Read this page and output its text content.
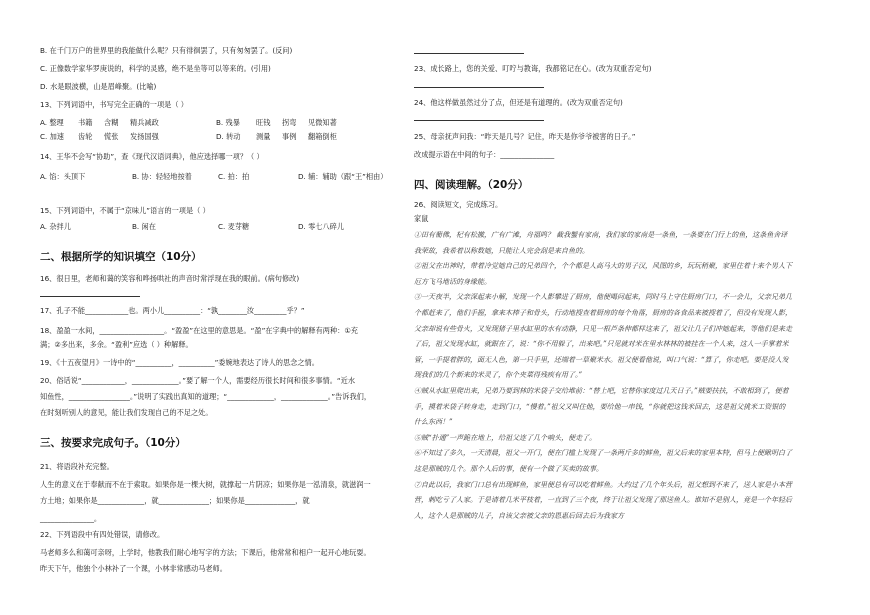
B. 在千门万户的世界里的我能做什么呢？只有徘徊罢了，只有匆匆罢了。(反问)
C. 正像数学家华罗庚说的，科学的灵感，绝不是坐等可以等来的。(引用)
D. 水是眼波横，山是眉峰聚。(比喻)
13、下列词语中，书写完全正确的一项是（ ）
A. 整理 书籍 含糊 精兵减政	B. 残暴 旺钱 拐弯 见微知著
C. 加速 齿轮 慌张 发扬国强	D. 转动 测量 事例 翻箱倒柜
14、王华不会写“协助”，查《现代汉语词典》，他应选择哪一项？（ ）
A. 馅：头顶下	B. 协：轻轻地按着	C. 拍：拍	D. 辅：辅助（跟“王”相由）
15、下列词语中，不属于“京味儿”语言的一项是（ ）
A. 杂拌儿	B. 闲在	C. 麦芽糖	D. 零七八碎儿
二、根据所学的知识填空（10分）
16、很日里，老师和蔼的笑容和哗扬哄社的声音时常浮现在我的眼前。(病句修改)
17、孔子不能____________也。两小儿__________：“孰________汝_________乎？”
18、盈盈一水间，__________________。“盈盈”在这里的意思是。“盈”在字典中的解释有两种：①充
满；②多出来，多余。“盈利”应选（ ）种解释。
19、《十五夜望月》一诗中的“__________，__________”委婉地表达了诗人的思念之情。
20、俗话说“____________，_____________。”要了解一个人，需要经历很长时间和很多事情。“近水
知鱼性，_________________。”说明了实践出真知的道理；“_____________，_____________。”告诉我们，
在时刻听别人的意见，能让我们发现自己的不足之处。
三、按要求完成句子。（10分）
21、将语段补充完整。
人生的意义在于奉献而不在于索取。如果你是一棵大树，就撑起一片阴凉；如果你是一泓清泉，就滋润一
方土地；如果你是_____________，就______________；如果你是______________，就
_______________。
22、下列语段中有四处错误，请修改。
马老师多么和蔼可亲呀，上学时，他教我们耐心地写字的方法；下课后，他常常和相户一起开心地玩耍。
昨天下午，他独个小林补了一个课，小林非常感动马老师。
23、成长路上，您的关爱、叮咛与教诲，我都铭记在心。(改为双重否定句)
24、他这样做虽然过分了点，但还是有道理的。(改为双重否定句)
25、母亲抚声问我：“昨天是几号？记住，昨天是你爷爷被害的日子。”
改成提示语在中间的句子：_______________
四、阅读理解。（20分）
26、阅读短文，完成练习。
家鼠

①田有葡佛，杞有松撤，广有广滩，舟福呜？ 截我蟹有家南，我们家的家南是一条鱼，一条要在门行上的鱼，这条鱼舍译我荣故，我希着以称数她，只能让人完会刮是来自鱼的。

②祖父在出神时，带着冷觉她自己的兄弟四个，个个都是人高马大的男子汉，风图的乡，玩玩稍聚，家里住着十来个男人下厄方飞马地话的身缘能。

③一天夜半，父亲深起来小解，发现一个人影攀进了厨房，他便喝问起来，同时马上守住厨房门口，不一会儿，父亲兄弟几个都赶来了，他们手握，拿来木棒子和骨头，行动地搜查着厨房的每个角落，厨房的各食品来被搜着了，但没有发现人影，父亲却说有些骨火，又发现猪子里水缸里的水有动静，只见一根芦条伸都样这来了，祖父让几子们冲她起来，等他们是来走了后，祖父发现水缸，就跟在了，说：“你不用躲了，出来吧。”只见就对米在里水林林的被挂在一个人来，这人一手掌着米管，一手提着胖的，面无人色，第一只手里，还端着一草聚米水。祖父便看他说，叫口气说：“算了，你走吧。要是没人发现我们的几个新来的米灵了，你个夹菜得残疾有用了。”

④贼从水缸里爬出来，兄弟乃要到林的米袋子交给堆前：“替上吧，它替你家度过几天日子。”贼要扶扶，不敢相到了，便着手，摸着米袋子转身走，走到门口，“慢着。”祖父又叫住他，要给他一串钱，“你就把这钱米回去，这是祖父挑米工资银的什么东西！”

⑤贼“扑通”一声跪在地上，给祖父连了几个响头，便走了。

⑥不知过了多久，一天清晨，祖父一开门，便在门槛上发现了一条两斤多的鲜鱼，祖父后来的家里本特，但马上便瞅明白了这是那贼的几个。那个人后的事，便有一个做了买卖的故事。

⑦自此以后，我家门口总有出现鲜鱼，家里便总有可以吃着鲜鱼。大约过了几个年头后，祖父想到不来了，送人家是小本营营，刺吃亏了人家。于是请着几米平枝着，一直到了三个夜，终于让祖父发现了那送鱼人。谁知不是别人，竟是一个年轻后人，这个人是那贼的儿子，自该父亲被父亲的恩惠后回去后为我家方
